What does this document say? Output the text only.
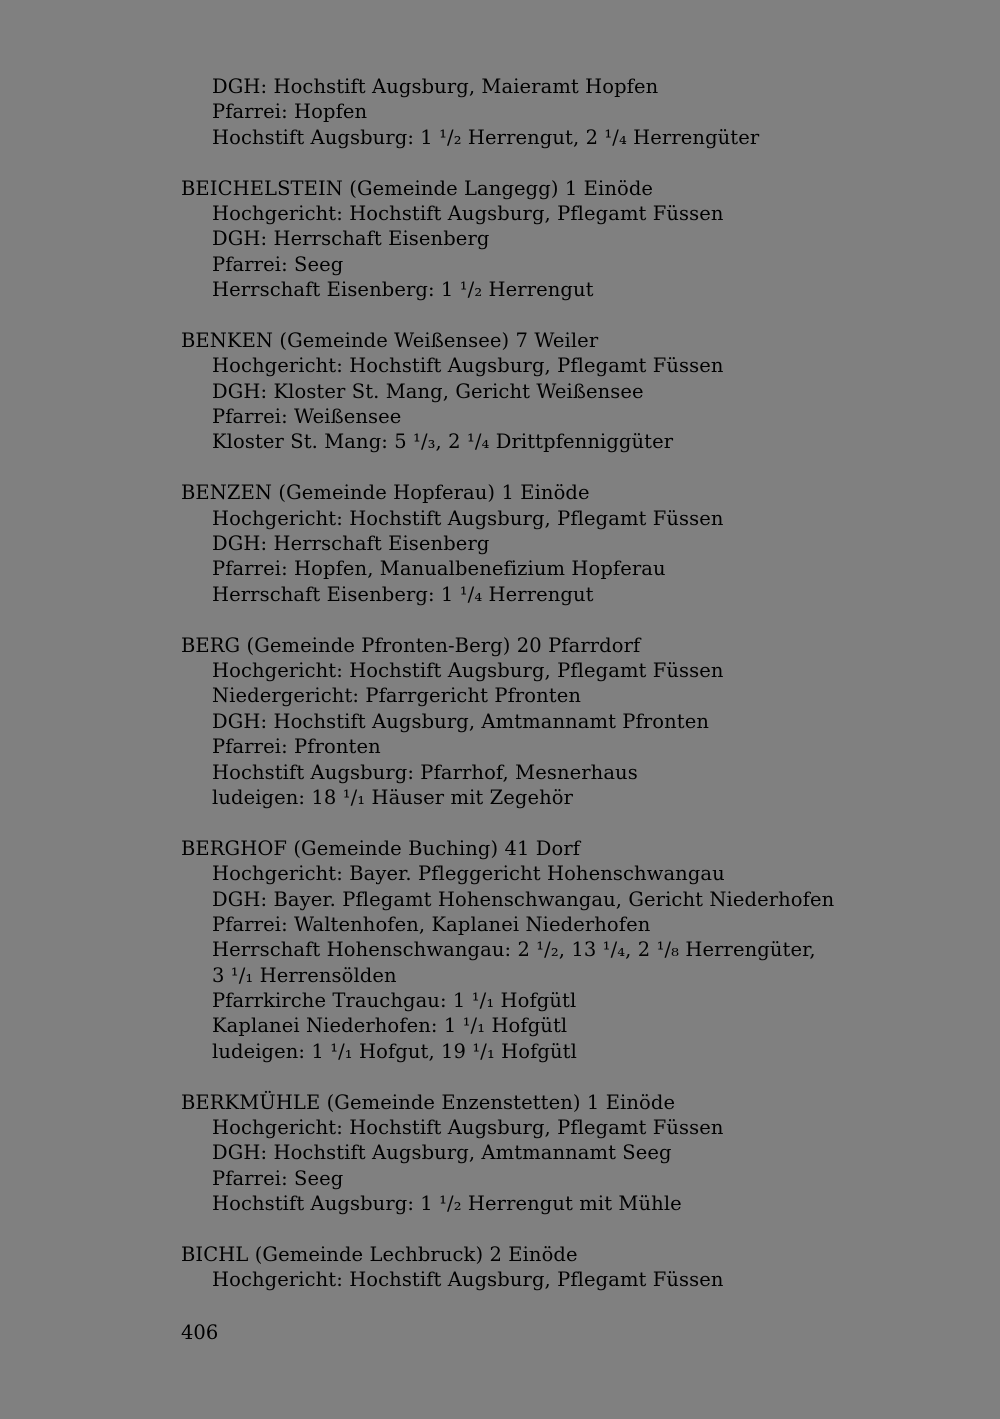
DGH: Hochstift Augsburg, Maieramt Hopfen
Pfarrei: Hopfen
Hochstift Augsburg: 1 ¹/₂ Herrengut, 2 ¹/₄ Herrengüter
BEICHELSTEIN (Gemeinde Langegg) 1 Einöde
Hochgericht: Hochstift Augsburg, Pflegamt Füssen
DGH: Herrschaft Eisenberg
Pfarrei: Seeg
Herrschaft Eisenberg: 1 ¹/₂ Herrengut
BENKEN (Gemeinde Weißensee) 7 Weiler
Hochgericht: Hochstift Augsburg, Pflegamt Füssen
DGH: Kloster St. Mang, Gericht Weißensee
Pfarrei: Weißensee
Kloster St. Mang: 5 ¹/₃, 2 ¹/₄ Drittpfenniggüter
BENZEN (Gemeinde Hopferau) 1 Einöde
Hochgericht: Hochstift Augsburg, Pflegamt Füssen
DGH: Herrschaft Eisenberg
Pfarrei: Hopfen, Manualbenefizium Hopferau
Herrschaft Eisenberg: 1 ¹/₄ Herrengut
BERG (Gemeinde Pfronten-Berg) 20 Pfarrdorf
Hochgericht: Hochstift Augsburg, Pflegamt Füssen
Niedergericht: Pfarrgericht Pfronten
DGH: Hochstift Augsburg, Amtmannamt Pfronten
Pfarrei: Pfronten
Hochstift Augsburg: Pfarrhof, Mesnerhaus
ludeigen: 18 ¹/₁ Häuser mit Zegehör
BERGHOF (Gemeinde Buching) 41 Dorf
Hochgericht: Bayer. Pfleggericht Hohenschwangau
DGH: Bayer. Pflegamt Hohenschwangau, Gericht Niederhofen
Pfarrei: Waltenhofen, Kaplanei Niederhofen
Herrschaft Hohenschwangau: 2 ¹/₂, 13 ¹/₄, 2 ¹/₈ Herrengüter,
3 ¹/₁ Herrensölden
Pfarrkirche Trauchgau: 1 ¹/₁ Hofgütl
Kaplanei Niederhofen: 1 ¹/₁ Hofgütl
ludeigen: 1 ¹/₁ Hofgut, 19 ¹/₁ Hofgütl
BERKMÜHLE (Gemeinde Enzenstetten) 1 Einöde
Hochgericht: Hochstift Augsburg, Pflegamt Füssen
DGH: Hochstift Augsburg, Amtmannamt Seeg
Pfarrei: Seeg
Hochstift Augsburg: 1 ¹/₂ Herrengut mit Mühle
BICHL (Gemeinde Lechbruck) 2 Einöde
Hochgericht: Hochstift Augsburg, Pflegamt Füssen
406
